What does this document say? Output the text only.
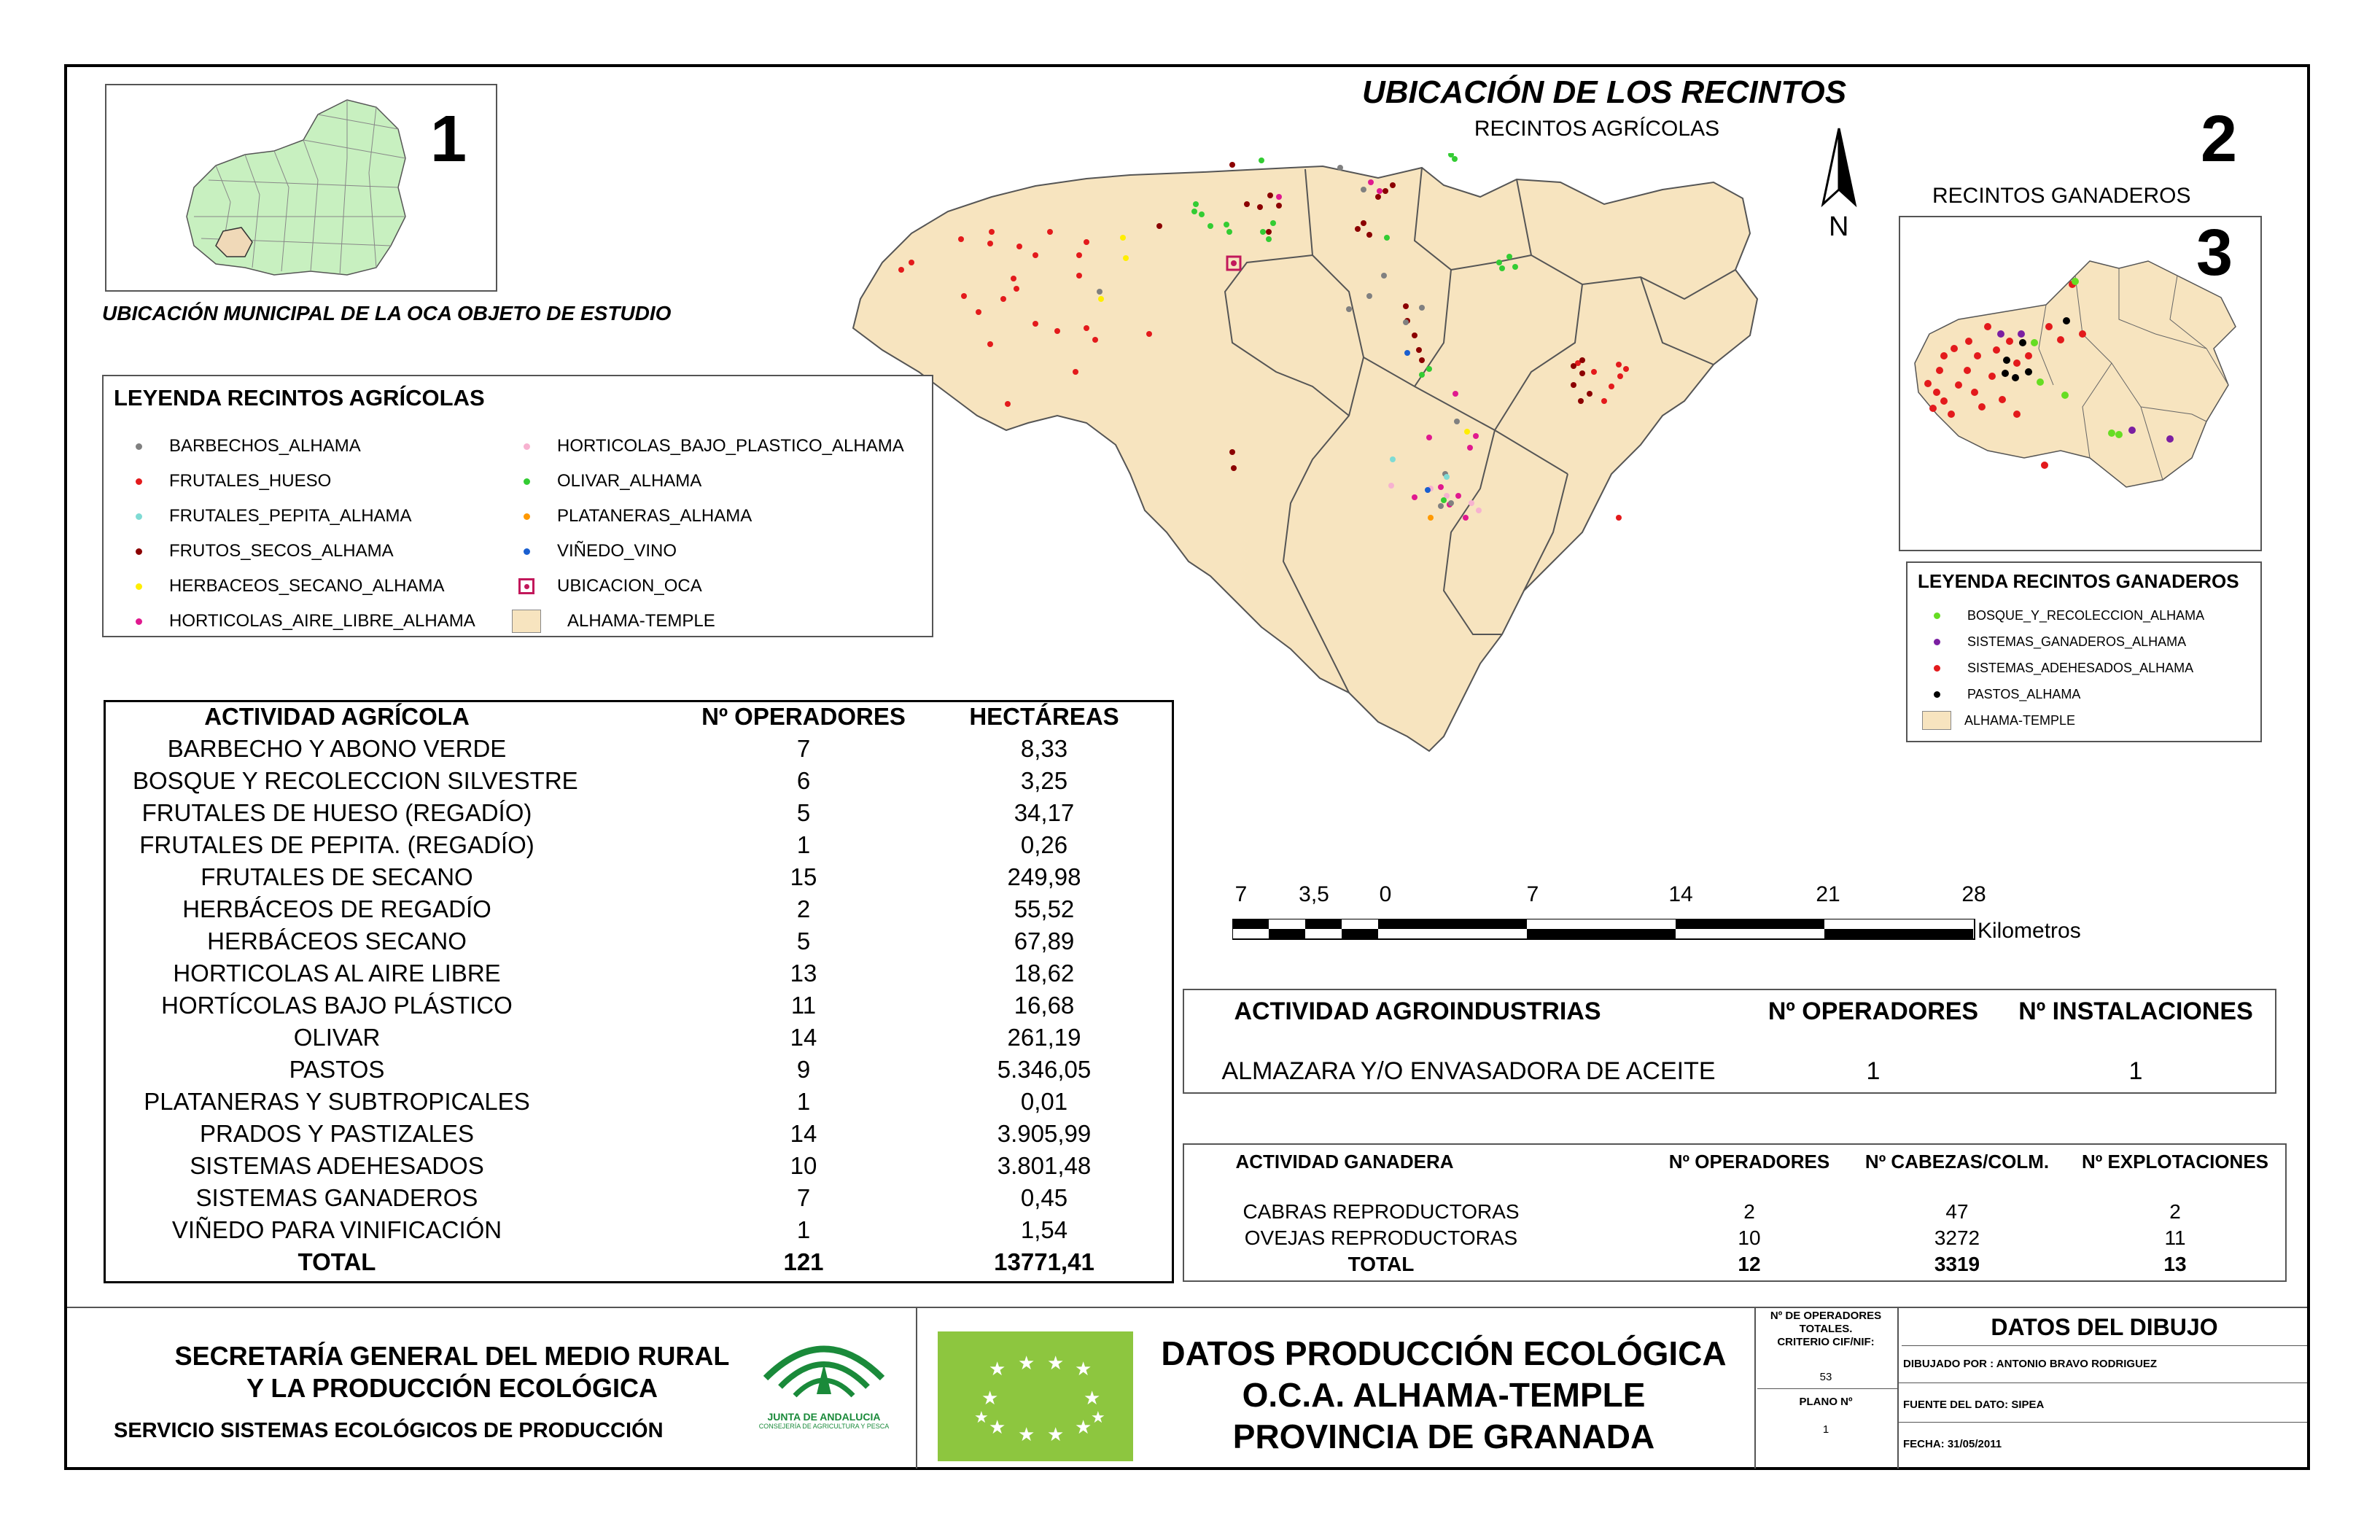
UBICACIÓN DE LOS RECINTOS
RECINTOS AGRÍCOLAS	2
N
1
UBICACIÓN MUNICIPAL DE LA OCA OBJETO DE ESTUDIO
LEYENDA RECINTOS AGRÍCOLAS
BARBECHOS_ALHAMA
FRUTALES_HUESO
FRUTALES_PEPITA_ALHAMA
FRUTOS_SECOS_ALHAMA
HERBACEOS_SECANO_ALHAMA
HORTICOLAS_AIRE_LIBRE_ALHAMA
HORTICOLAS_BAJO_PLASTICO_ALHAMA
OLIVAR_ALHAMA
PLATANERAS_ALHAMA
VIÑEDO_VINO
UBICACION_OCA
ALHAMA-TEMPLE
RECINTOS GANADEROS
3
LEYENDA RECINTOS GANADEROS
BOSQUE_Y_RECOLECCION_ALHAMA
SISTEMAS_GANADEROS_ALHAMA
SISTEMAS_ADEHESADOS_ALHAMA
PASTOS_ALHAMA
ALHAMA-TEMPLE
7	3,5	0	7	14	21	28
Kilometros
ACTIVIDAD AGRÍCOLA	Nº OPERADORES	HECTÁREAS
BARBECHO Y ABONO VERDE	7	8,33
BOSQUE Y RECOLECCION SILVESTRE	6	3,25
FRUTALES DE HUESO (REGADÍO)	5	34,17
FRUTALES DE PEPITA. (REGADÍO)	1	0,26
FRUTALES DE SECANO	15	249,98
HERBÁCEOS DE REGADÍO	2	55,52
HERBÁCEOS SECANO	5	67,89
HORTICOLAS AL AIRE LIBRE	13	18,62
HORTÍCOLAS BAJO PLÁSTICO	11	16,68
OLIVAR	14	261,19
PASTOS	9	5.346,05
PLATANERAS Y SUBTROPICALES	1	0,01
PRADOS Y PASTIZALES	14	3.905,99
SISTEMAS ADEHESADOS	10	3.801,48
SISTEMAS GANADEROS	7	0,45
VIÑEDO PARA VINIFICACIÓN	1	1,54
TOTAL	121	13771,41
ACTIVIDAD AGROINDUSTRIAS	Nº OPERADORES	Nº INSTALACIONES
ALMAZARA Y/O ENVASADORA DE ACEITE	1	1
ACTIVIDAD GANADERA	Nº OPERADORES	Nº CABEZAS/COLM.	Nº EXPLOTACIONES
CABRAS REPRODUCTORAS	2	47	2
OVEJAS REPRODUCTORAS	10	3272	11
TOTAL	12	3319	13
SECRETARÍA GENERAL DEL MEDIO RURAL
Y LA PRODUCCIÓN ECOLÓGICA
SERVICIO SISTEMAS ECOLÓGICOS DE PRODUCCIÓN
JUNTA DE ANDALUCIA
CONSEJERÍA DE AGRICULTURA Y PESCA
★ ★ ★ ★
★	★
★ ★ ★ ★
★	★
DATOS PRODUCCIÓN ECOLÓGICA
O.C.A. ALHAMA-TEMPLE
PROVINCIA DE GRANADA
Nº DE OPERADORES
TOTALES.
CRITERIO CIF/NIF:
53
PLANO Nº
1
DATOS DEL DIBUJO
DIBUJADO POR : ANTONIO BRAVO RODRIGUEZ
FUENTE DEL DATO: SIPEA
FECHA: 31/05/2011
